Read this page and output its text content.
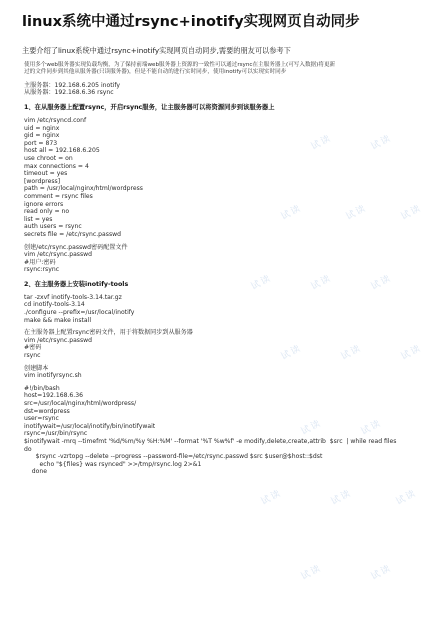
linux系统中通过rsync+inotify实现网页自动同步
主要介绍了linux系统中通过rsync+inotify实现网页自动同步,需要的朋友可以参考下
使用多个web服务器实现负载均衡，为了保持前端web服务器上资源的一致性可以通过rsync在主服务器上(可写入数据)将更新
过的文件同步到其他从服务器(只读服务器)，但是不能自动的进行实时同步，使用inotify可以实现实时同步
主服务器：192.168.6.205 inotify
从服务器：192.168.6.36 rsync
1、在从服务器上配置rsync，开启rsync服务，让主服务器可以将资源同步到该服务器上
vim /etc/rsyncd.conf
uid = nginx
gid = nginx
port = 873
host all = 192.168.6.205
use chroot = on
max connections = 4
timeout = yes
[wordpress]
path = /usr/local/nginx/html/wordpress
comment = rsync files
ignore errors
read only = no
list = yes
auth users = rsync
secrets file = /etc/rsync.passwd
创建/etc/rsync.passwd密码配置文件
vim /etc/rsync.passwd
#用户:密码
rsync:rsync
2、在主服务器上安装inotify-tools
tar -zxvf inotify-tools-3.14.tar.gz
cd inotify-tools-3.14
./configure --prefix=/usr/local/inotify
make && make install
在主服务器上配置rsync密码文件，用于将数据同步到从服务器
vim /etc/rsync.passwd
#密码
rsync
创建脚本
vim inotifyrsync.sh
#!/bin/bash
host=192.168.6.36
src=/usr/local/nginx/html/wordpress/
dst=wordpress
user=rsync
inotifywait=/usr/local/inotify/bin/inotifywait
rsync=/usr/bin/rsync
$inotifywait -mrq --timefmt '%d/%m/%y %H:%M' --format '%T %w%f' -e modify,delete,create,attrib  $src  | while read files
do
$rsync -vzrtopg --delete --progress --password-file=/etc/rsync.passwd $src $user@$host::$dst
echo "${files} was rsynced" >>/tmp/rsync.log 2>&1
done
试读	试读
试读	试读	试读
试读	试读	试读
试读	试读	试读
试读	试读
试读	试读	试读
试读	试读
